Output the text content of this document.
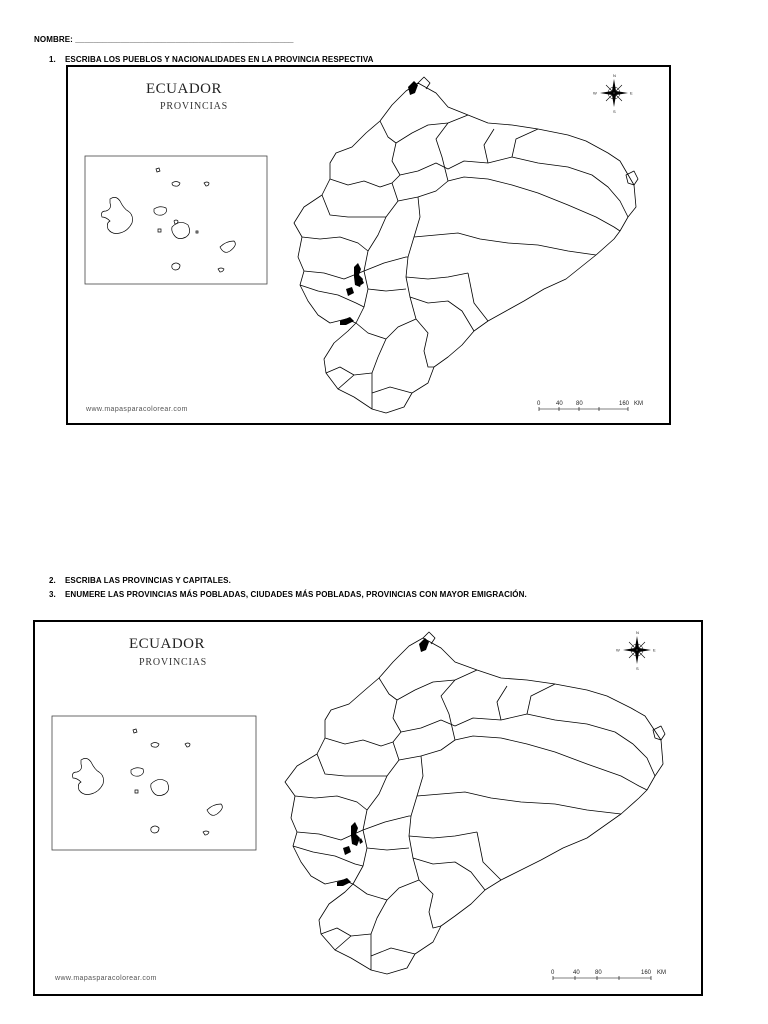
NOMBRE: ________________________________________________
1. ESCRIBA LOS PUEBLOS Y NACIONALIDADES EN LA PROVINCIA RESPECTIVA
ECUADOR
PROVINCIAS
N
S
E
W
www.mapasparacolorear.com
0	40 80	160 KM
2. ESCRIBA LAS PROVINCIAS Y CAPITALES.
3. ENUMERE LAS PROVINCIAS MÁS POBLADAS, CIUDADES MÁS POBLADAS, PROVINCIAS CON MAYOR EMIGRACIÓN.
ECUADOR
PROVINCIAS
N
S
E
W
www.mapasparacolorear.com
0	40	80	160 KM
